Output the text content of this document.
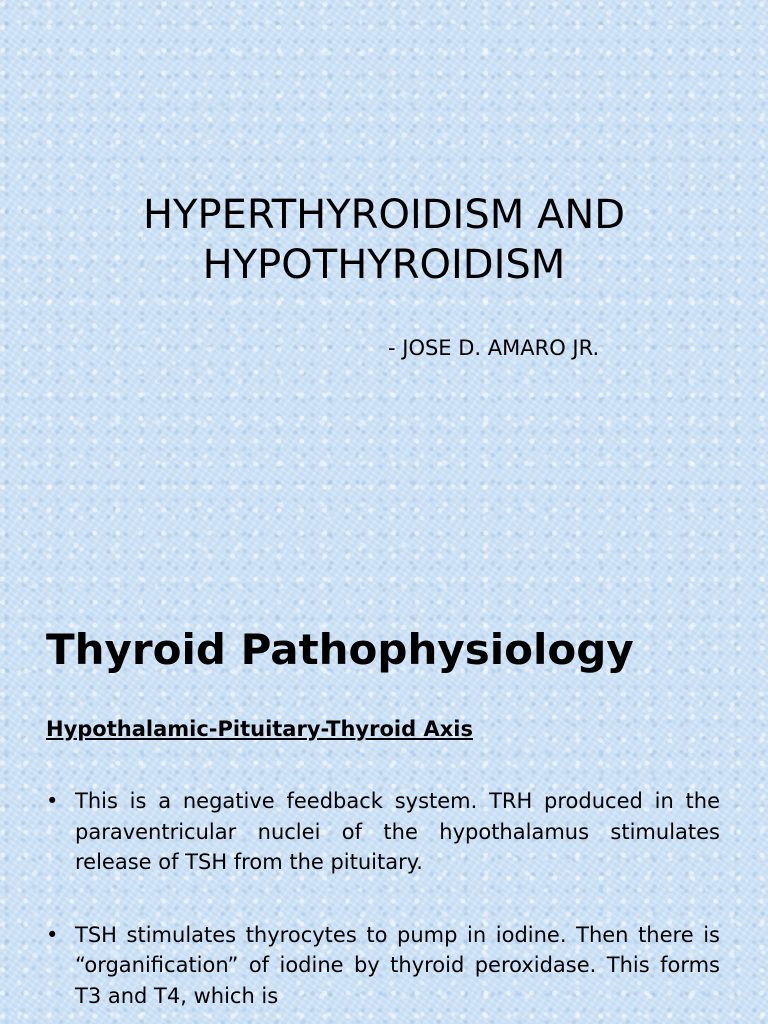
HYPERTHYROIDISM AND
HYPOTHYROIDISM

- JOSE D. AMARO JR.

Thyroid Pathophysiology

Hypothalamic-Pituitary-Thyroid Axis

• This is a negative feedback system. TRH produced in the paraventricular nuclei of the hypothalamus stimulates release of TSH from the pituitary.
• TSH stimulates thyrocytes to pump in iodine. Then there is “organification” of iodine by thyroid peroxidase. This forms T3 and T4, which is
